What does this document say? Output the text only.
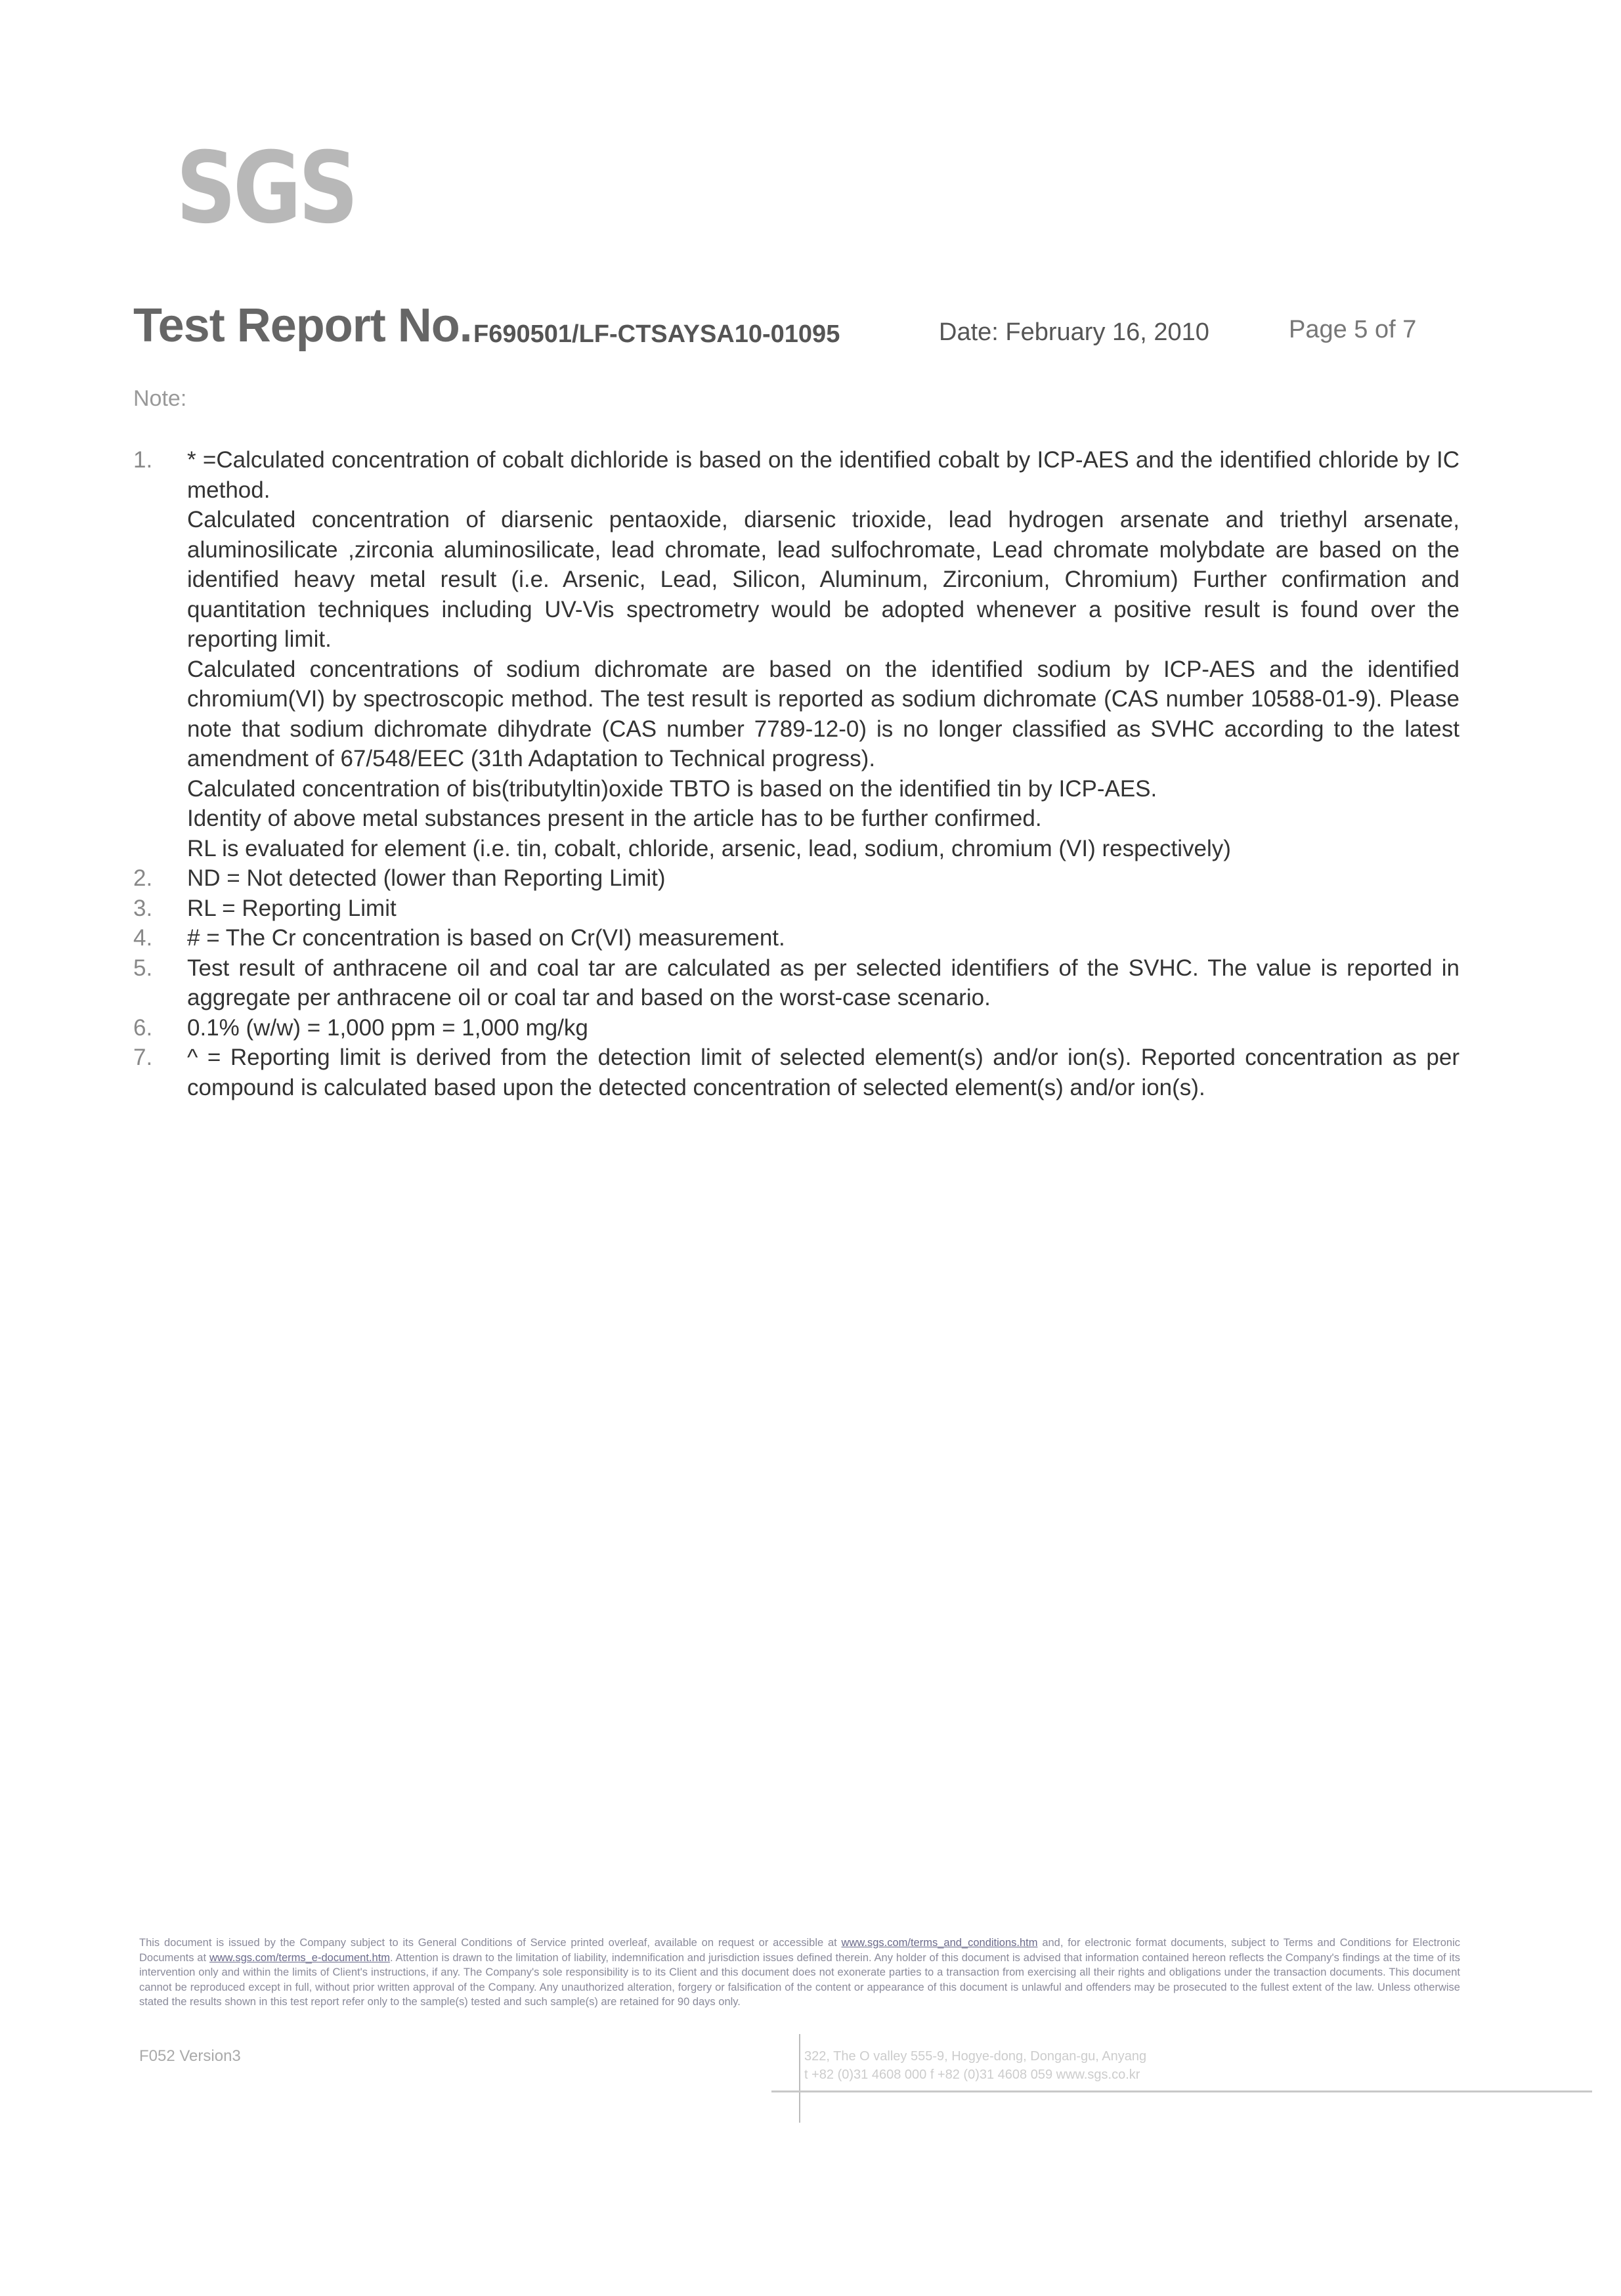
SGS
Test Report No. F690501/LF-CTSAYSA10-01095	Date: February 16, 2010	Page 5 of 7
Note:
1. * =Calculated concentration of cobalt dichloride is based on the identified cobalt by ICP-AES and the identified chloride by IC method.

Calculated concentration of diarsenic pentaoxide, diarsenic trioxide, lead hydrogen arsenate and triethyl arsenate, aluminosilicate ,zirconia aluminosilicate, lead chromate, lead sulfochromate, Lead chromate molybdate are based on the identified heavy metal result (i.e. Arsenic, Lead, Silicon, Aluminum, Zirconium, Chromium) Further confirmation and quantitation techniques including UV-Vis spectrometry would be adopted whenever a positive result is found over the reporting limit.

Calculated concentrations of sodium dichromate are based on the identified sodium by ICP-AES and the identified chromium(VI) by spectroscopic method. The test result is reported as sodium dichromate (CAS number 10588-01-9). Please note that sodium dichromate dihydrate (CAS number 7789-12-0) is no longer classified as SVHC according to the latest amendment of 67/548/EEC (31th Adaptation to Technical progress).

Calculated concentration of bis(tributyltin)oxide TBTO is based on the identified tin by ICP-AES.

Identity of above metal substances present in the article has to be further confirmed.

RL is evaluated for element (i.e. tin, cobalt, chloride, arsenic, lead, sodium, chromium (VI) respectively)

2. ND = Not detected (lower than Reporting Limit)

3. RL = Reporting Limit

4. # = The Cr concentration is based on Cr(VI) measurement.

5. Test result of anthracene oil and coal tar are calculated as per selected identifiers of the SVHC. The value is reported in aggregate per anthracene oil or coal tar and based on the worst-case scenario.

6. 0.1% (w/w) = 1,000 ppm = 1,000 mg/kg

7. ^ = Reporting limit is derived from the detection limit of selected element(s) and/or ion(s). Reported concentration as per compound is calculated based upon the detected concentration of selected element(s) and/or ion(s).

This document is issued by the Company subject to its General Conditions of Service printed overleaf, available on request or accessible at www.sgs.com/terms_and_conditions.htm and, for electronic format documents, subject to Terms and Conditions for Electronic Documents at www.sgs.com/terms_e-document.htm. Attention is drawn to the limitation of liability, indemnification and jurisdiction issues defined therein. Any holder of this document is advised that information contained hereon reflects the Company's findings at the time of its intervention only and within the limits of Client's instructions, if any. The Company's sole responsibility is to its Client and this document does not exonerate parties to a transaction from exercising all their rights and obligations under the transaction documents. This document cannot be reproduced except in full, without prior written approval of the Company. Any unauthorized alteration, forgery or falsification of the content or appearance of this document is unlawful and offenders may be prosecuted to the fullest extent of the law. Unless otherwise stated the results shown in this test report refer only to the sample(s) tested and such sample(s) are retained for 90 days only.
F052 Version3	322, The O valley 555-9, Hogye-dong, Dongan-gu, Anyang
t +82 (0)31 4608 000 f +82 (0)31 4608 059 www.sgs.co.kr
